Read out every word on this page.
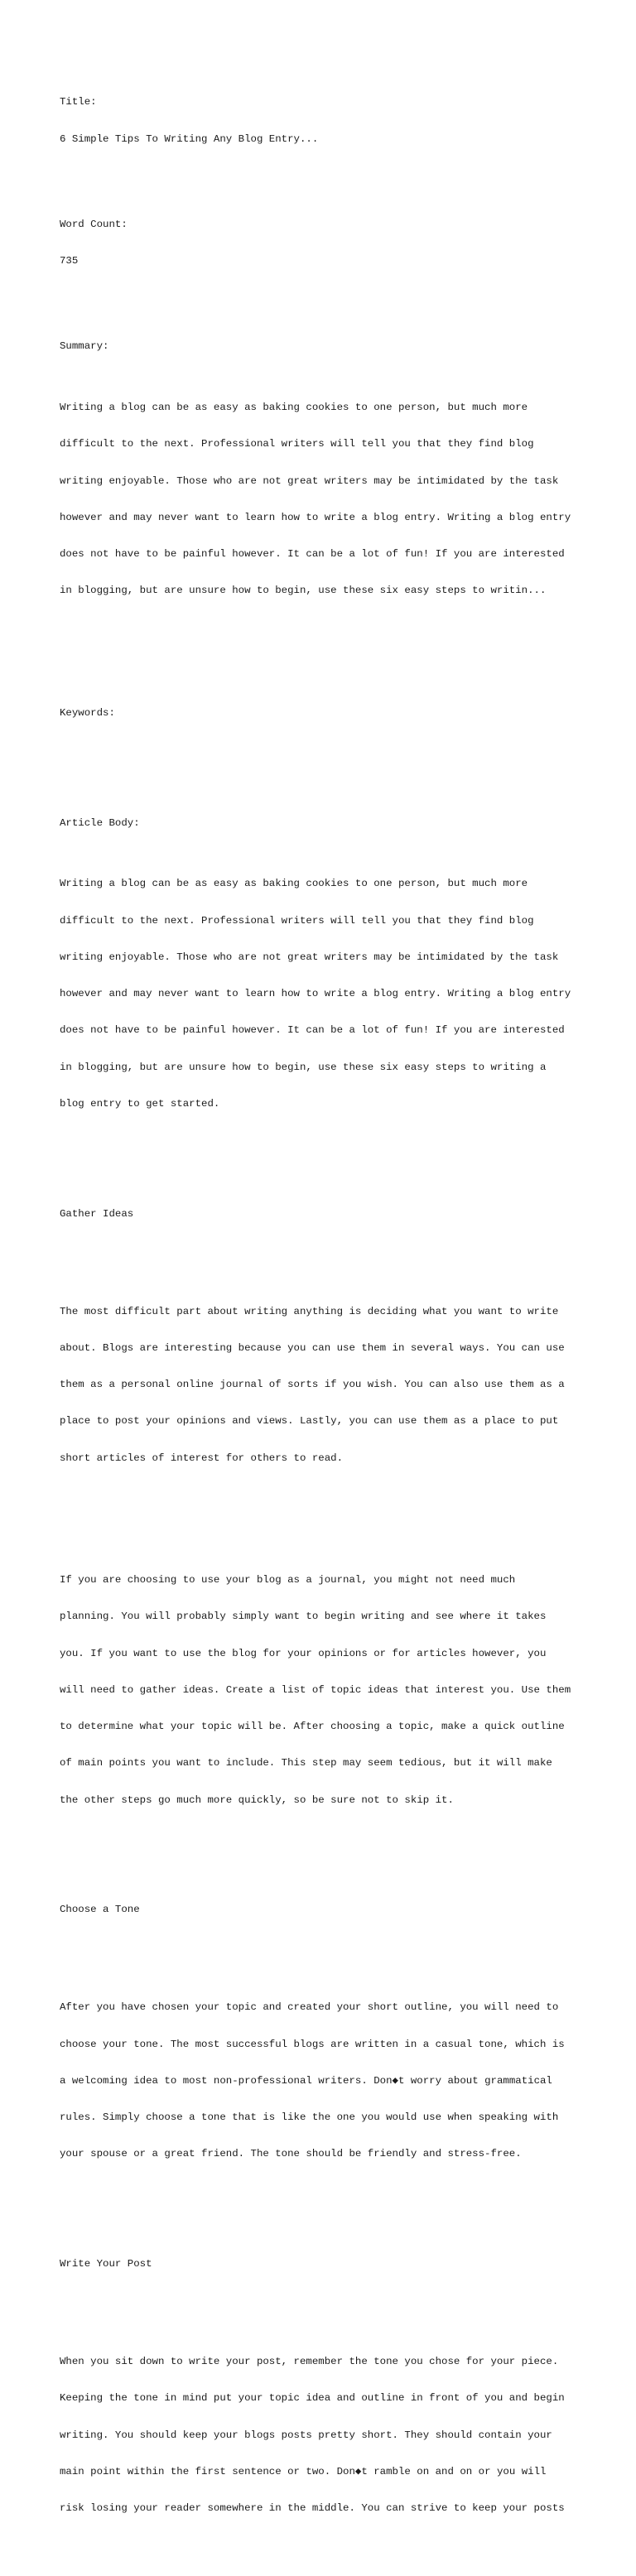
Title:

6 Simple Tips To Writing Any Blog Entry...

Word Count:

735

Summary:

Writing a blog can be as easy as baking cookies to one person, but much more

difficult to the next. Professional writers will tell you that they find blog

writing enjoyable. Those who are not great writers may be intimidated by the task

however and may never want to learn how to write a blog entry. Writing a blog entry

does not have to be painful however. It can be a lot of fun! If you are interested

in blogging, but are unsure how to begin, use these six easy steps to writin...

Keywords:

Article Body:

Writing a blog can be as easy as baking cookies to one person, but much more

difficult to the next. Professional writers will tell you that they find blog

writing enjoyable. Those who are not great writers may be intimidated by the task

however and may never want to learn how to write a blog entry. Writing a blog entry

does not have to be painful however. It can be a lot of fun! If you are interested

in blogging, but are unsure how to begin, use these six easy steps to writing a

blog entry to get started.

Gather Ideas

The most difficult part about writing anything is deciding what you want to write

about. Blogs are interesting because you can use them in several ways. You can use

them as a personal online journal of sorts if you wish. You can also use them as a

place to post your opinions and views. Lastly, you can use them as a place to put

short articles of interest for others to read.

If you are choosing to use your blog as a journal, you might not need much

planning. You will probably simply want to begin writing and see where it takes

you. If you want to use the blog for your opinions or for articles however, you

will need to gather ideas. Create a list of topic ideas that interest you. Use them

to determine what your topic will be. After choosing a topic, make a quick outline

of main points you want to include. This step may seem tedious, but it will make

the other steps go much more quickly, so be sure not to skip it.

Choose a Tone

After you have chosen your topic and created your short outline, you will need to

choose your tone. The most successful blogs are written in a casual tone, which is

a welcoming idea to most non-professional writers. Don◆t worry about grammatical

rules. Simply choose a tone that is like the one you would use when speaking with

your spouse or a great friend. The tone should be friendly and stress-free.

Write Your Post

When you sit down to write your post, remember the tone you chose for your piece.

Keeping the tone in mind put your topic idea and outline in front of you and begin

writing. You should keep your blogs posts pretty short. They should contain your

main point within the first sentence or two. Don◆t ramble on and on or you will

risk losing your reader somewhere in the middle. You can strive to keep your posts
